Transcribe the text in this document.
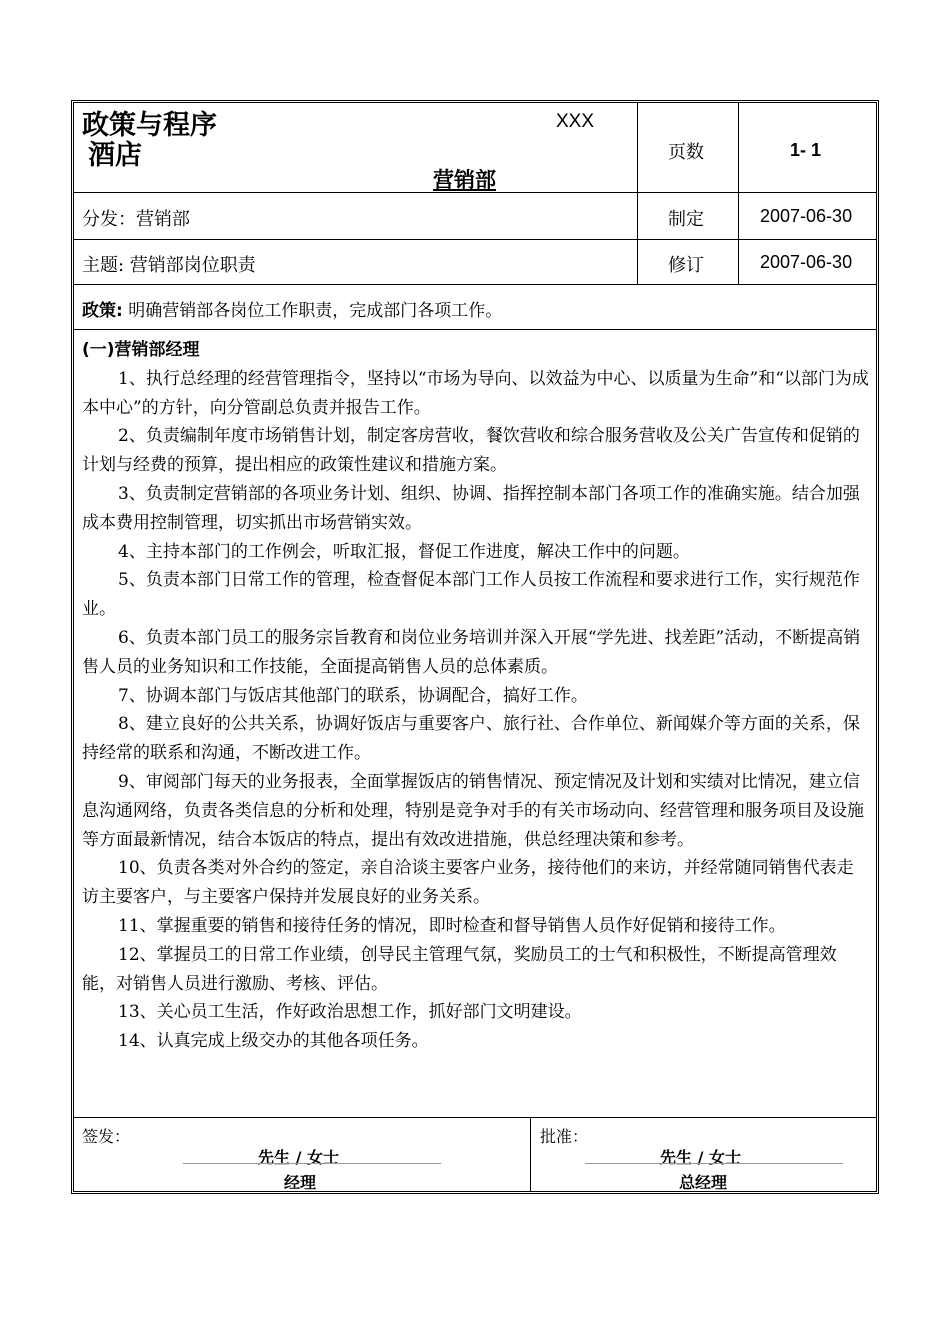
政策与程序
酒店
XXX
营销部
页数	1- 1
分发：营销部	制定	2007-06-30
主题: 营销部岗位职责	修订	2007-06-30
政策: 明确营销部各岗位工作职责，完成部门各项工作。

(一)营销部经理

1、执行总经理的经营管理指令，坚持以“市场为导向、以效益为中心、以质量为生命”和“以部门为成本中心”的方针，向分管副总负责并报告工作。

2、负责编制年度市场销售计划，制定客房营收，餐饮营收和综合服务营收及公关广告宣传和促销的计划与经费的预算，提出相应的政策性建议和措施方案。

3、负责制定营销部的各项业务计划、组织、协调、指挥控制本部门各项工作的准确实施。结合加强成本费用控制管理，切实抓出市场营销实效。

4、主持本部门的工作例会，听取汇报，督促工作进度，解决工作中的问题。

5、负责本部门日常工作的管理，检查督促本部门工作人员按工作流程和要求进行工作，实行规范作业。

6、负责本部门员工的服务宗旨教育和岗位业务培训并深入开展“学先进、找差距”活动，不断提高销售人员的业务知识和工作技能，全面提高销售人员的总体素质。

7、协调本部门与饭店其他部门的联系，协调配合，搞好工作。

8、建立良好的公共关系，协调好饭店与重要客户、旅行社、合作单位、新闻媒介等方面的关系，保持经常的联系和沟通，不断改进工作。

9、审阅部门每天的业务报表，全面掌握饭店的销售情况、预定情况及计划和实绩对比情况，建立信息沟通网络，负责各类信息的分析和处理，特别是竞争对手的有关市场动向、经营管理和服务项目及设施等方面最新情况，结合本饭店的特点，提出有效改进措施，供总经理决策和参考。

10、负责各类对外合约的签定，亲自洽谈主要客户业务，接待他们的来访，并经常随同销售代表走访主要客户，与主要客户保持并发展良好的业务关系。

11、掌握重要的销售和接待任务的情况，即时检查和督导销售人员作好促销和接待工作。

12、掌握员工的日常工作业绩，创导民主管理气氛，奖励员工的士气和积极性，不断提高管理效能，对销售人员进行激励、考核、评估。

13、关心员工生活，作好政治思想工作，抓好部门文明建设。

14、认真完成上级交办的其他各项任务。

签发：
先生 / 女士
经理
批准：
先生 / 女士
总经理
